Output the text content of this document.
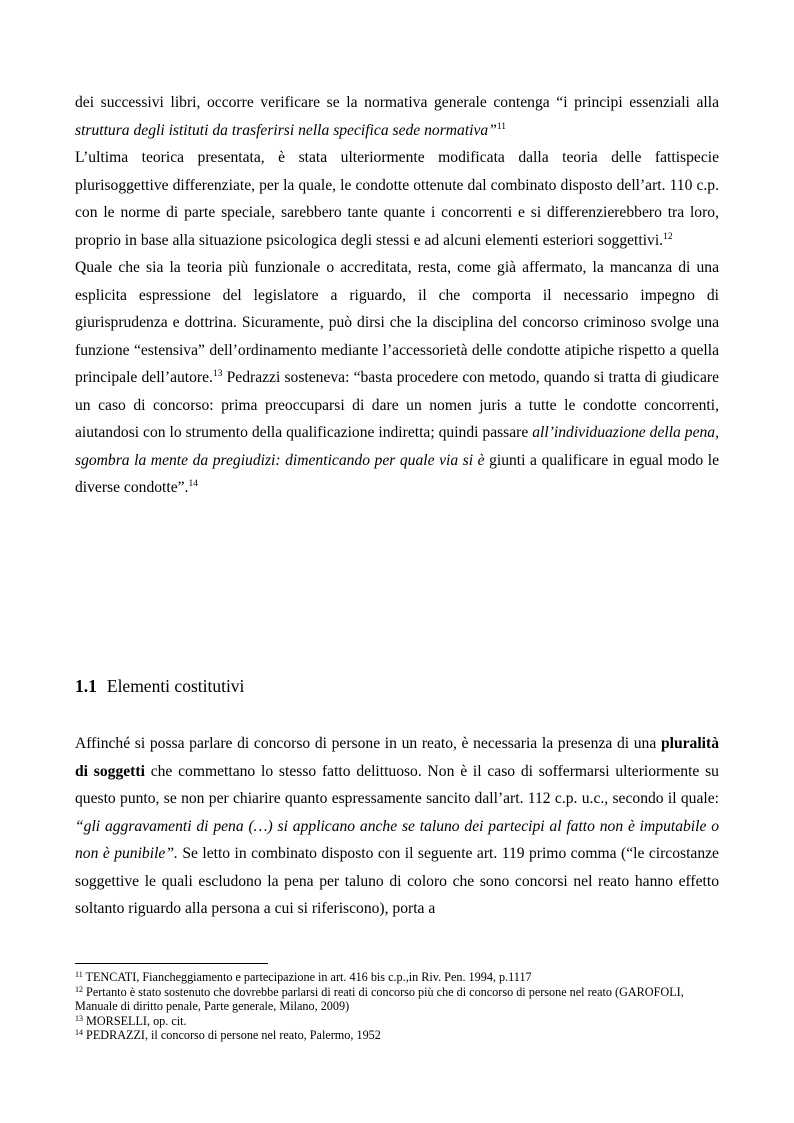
dei successivi libri, occorre verificare se la normativa generale contenga “i principi essenziali alla struttura degli istituti da trasferirsi nella specifica sede normativa”$^{11}$

L’ultima teorica presentata, è stata ulteriormente modificata dalla teoria delle fattispecie plurisoggettive differenziate, per la quale, le condotte ottenute dal combinato disposto dell’art. 110 c.p. con le norme di parte speciale, sarebbero tante quante i concorrenti e si differenzierebbero tra loro, proprio in base alla situazione psicologica degli stessi e ad alcuni elementi esteriori soggettivi.$^{12}$

Quale che sia la teoria più funzionale o accreditata, resta, come già affermato, la mancanza di una esplicita espressione del legislatore a riguardo, il che comporta il necessario impegno di giurisprudenza e dottrina. Sicuramente, può dirsi che la disciplina del concorso criminoso svolge una funzione “estensiva” dell’ordinamento mediante l’accessorietà delle condotte atipiche rispetto a quella principale dell’autore.$^{13}$ Pedrazzi sosteneva: “basta procedere con metodo, quando si tratta di giudicare un caso di concorso: prima preoccuparsi di dare un nomen juris a tutte le condotte concorrenti, aiutandosi con lo strumento della qualificazione indiretta; quindi passare all’individuazione della pena, sgombra la mente da pregiudizi: dimenticando per quale via si è giunti a qualificare in egual modo le diverse condotte”.$^{14}$

1.1 Elementi costitutivi

Affinché si possa parlare di concorso di persone in un reato, è necessaria la presenza di una pluralità di soggetti che commettano lo stesso fatto delittuoso. Non è il caso di soffermarsi ulteriormente su questo punto, se non per chiarire quanto espressamente sancito dall’art. 112 c.p. u.c., secondo il quale: “gli aggravamenti di pena (…) si applicano anche se taluno dei partecipi al fatto non è imputabile o non è punibile”. Se letto in combinato disposto con il seguente art. 119 primo comma (“le circostanze soggettive le quali escludono la pena per taluno di coloro che sono concorsi nel reato hanno effetto soltanto riguardo alla persona a cui si riferiscono), porta a

$^{11}$ TENCATI, Fiancheggiamento e partecipazione in art. 416 bis c.p.,in Riv. Pen. 1994, p.1117

$^{12}$ Pertanto è stato sostenuto che dovrebbe parlarsi di reati di concorso più che di concorso di persone nel reato (GAROFOLI, Manuale di diritto penale, Parte generale, Milano, 2009)

$^{13}$ MORSELLI, op. cit.

$^{14}$ PEDRAZZI, il concorso di persone nel reato, Palermo, 1952
